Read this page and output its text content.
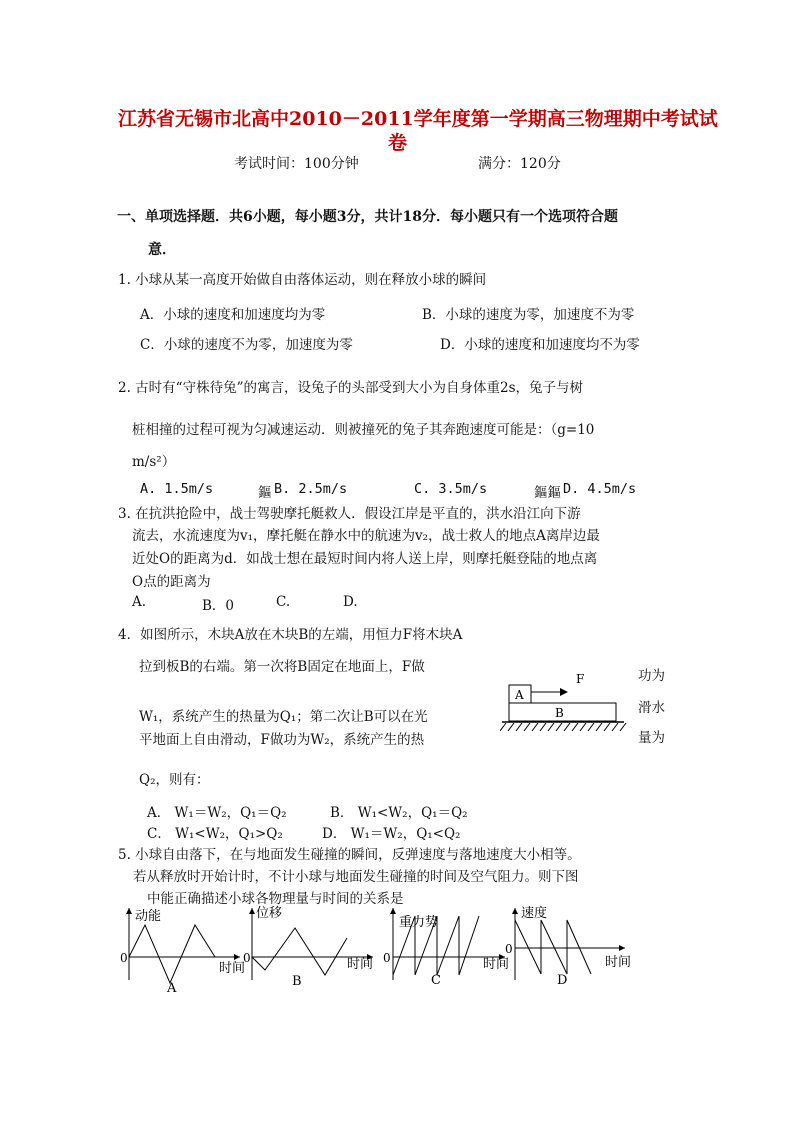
江苏省无锡市北高中2010－2011学年度第一学期高三物理期中考试试
卷
考试时间：100分钟	满分：120分
一、单项选择题．共6小题，每小题3分，共计18分．每小题只有一个选项符合题
意．
1. 小球从某一高度开始做自由落体运动，则在释放小球的瞬间
A．小球的速度和加速度均为零	B．小球的速度为零，加速度不为零
C．小球的速度不为零，加速度为零	D．小球的速度和加速度均不为零
2. 古时有“守株待兔”的寓言，设兔子的头部受到大小为自身体重2s，兔子与树
桩相撞的过程可视为匀减速运动．则被撞死的兔子其奔跑速度可能是：（g=10
m/s²）
A. 1.5m/s	鏂 B. 2.5m/s	C. 3.5m/s	鏂鏂 D. 4.5m/s
3. 在抗洪抢险中，战士驾驶摩托艇救人．假设江岸是平直的，洪水沿江向下游
流去，水流速度为v₁，摩托艇在静水中的航速为v₂，战士救人的地点A离岸边最
近处O的距离为d．如战士想在最短时间内将人送上岸，则摩托艇登陆的地点离
O点的距离为
A.	B．0	C.	D.
4．如图所示，木块A放在木块B的左端，用恒力F将木块A
拉到板B的右端。第一次将B固定在地面上，F做
W₁，系统产生的热量为Q₁；第二次让B可以在光
平地面上自由滑动，F做功为W₂，系统产生的热
Q₂，则有：
功为
滑水
量为
A
F
B
A． W₁＝W₂，Q₁＝Q₂	B． W₁<W₂，Q₁＝Q₂
C． W₁<W₂，Q₁>Q₂	D． W₁＝W₂，Q₁<Q₂
5. 小球自由落下，在与地面发生碰撞的瞬间，反弹速度与落地速度大小相等。
若从释放时开始计时，不计小球与地面发生碰撞的时间及空气阻力。则下图
中能正确描述小球各物理量与时间的关系是
动能
0
时间
A
位移
0	时间
B
重力势
0	时间
C
速度
0
时间
D
